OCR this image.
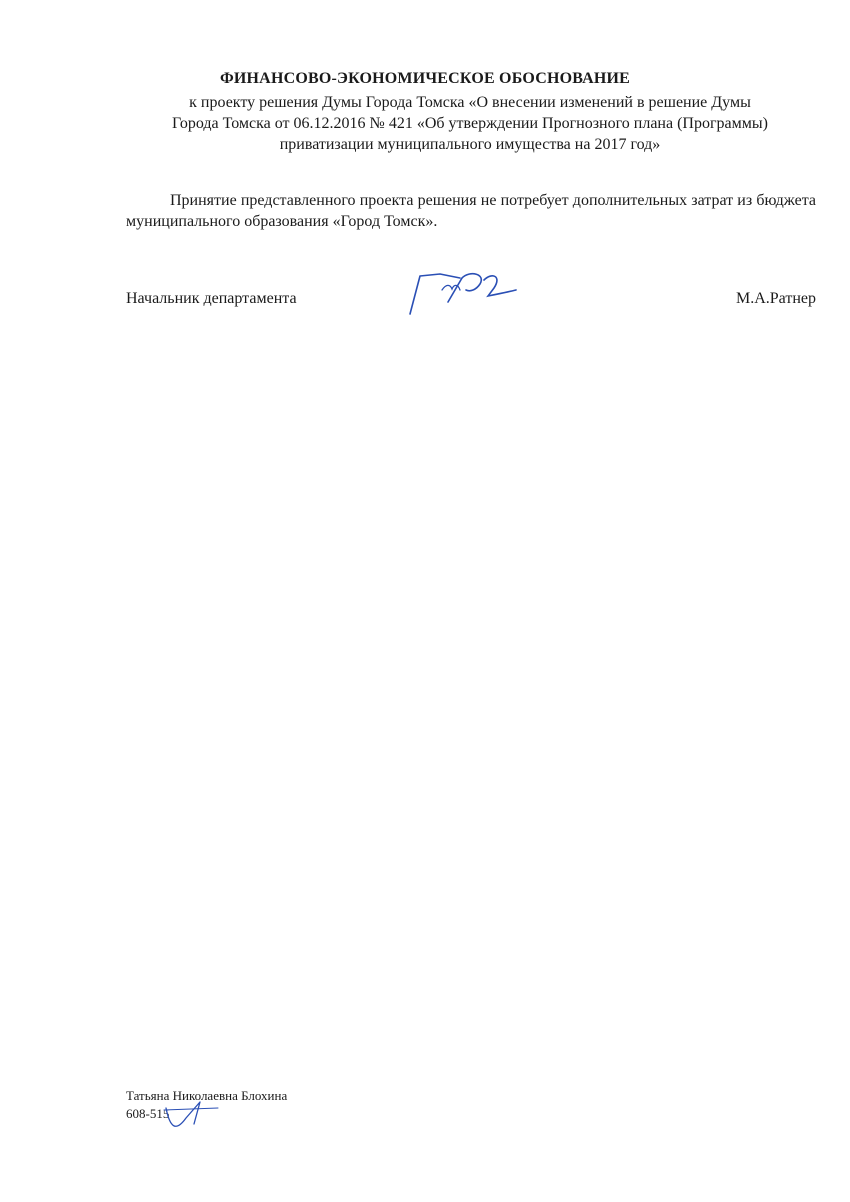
ФИНАНСОВО-ЭКОНОМИЧЕСКОЕ ОБОСНОВАНИЕ
к проекту решения Думы Города Томска «О внесении изменений в решение Думы
Города Томска от 06.12.2016 № 421 «Об утверждении Прогнозного плана (Программы)
приватизации муниципального имущества на 2017 год»
Принятие представленного проекта решения не потребует дополнительных затрат из бюджета муниципального образования «Город Томск».
Начальник департамента	М.А.Ратнер
Татьяна Николаевна Блохина
608-515
